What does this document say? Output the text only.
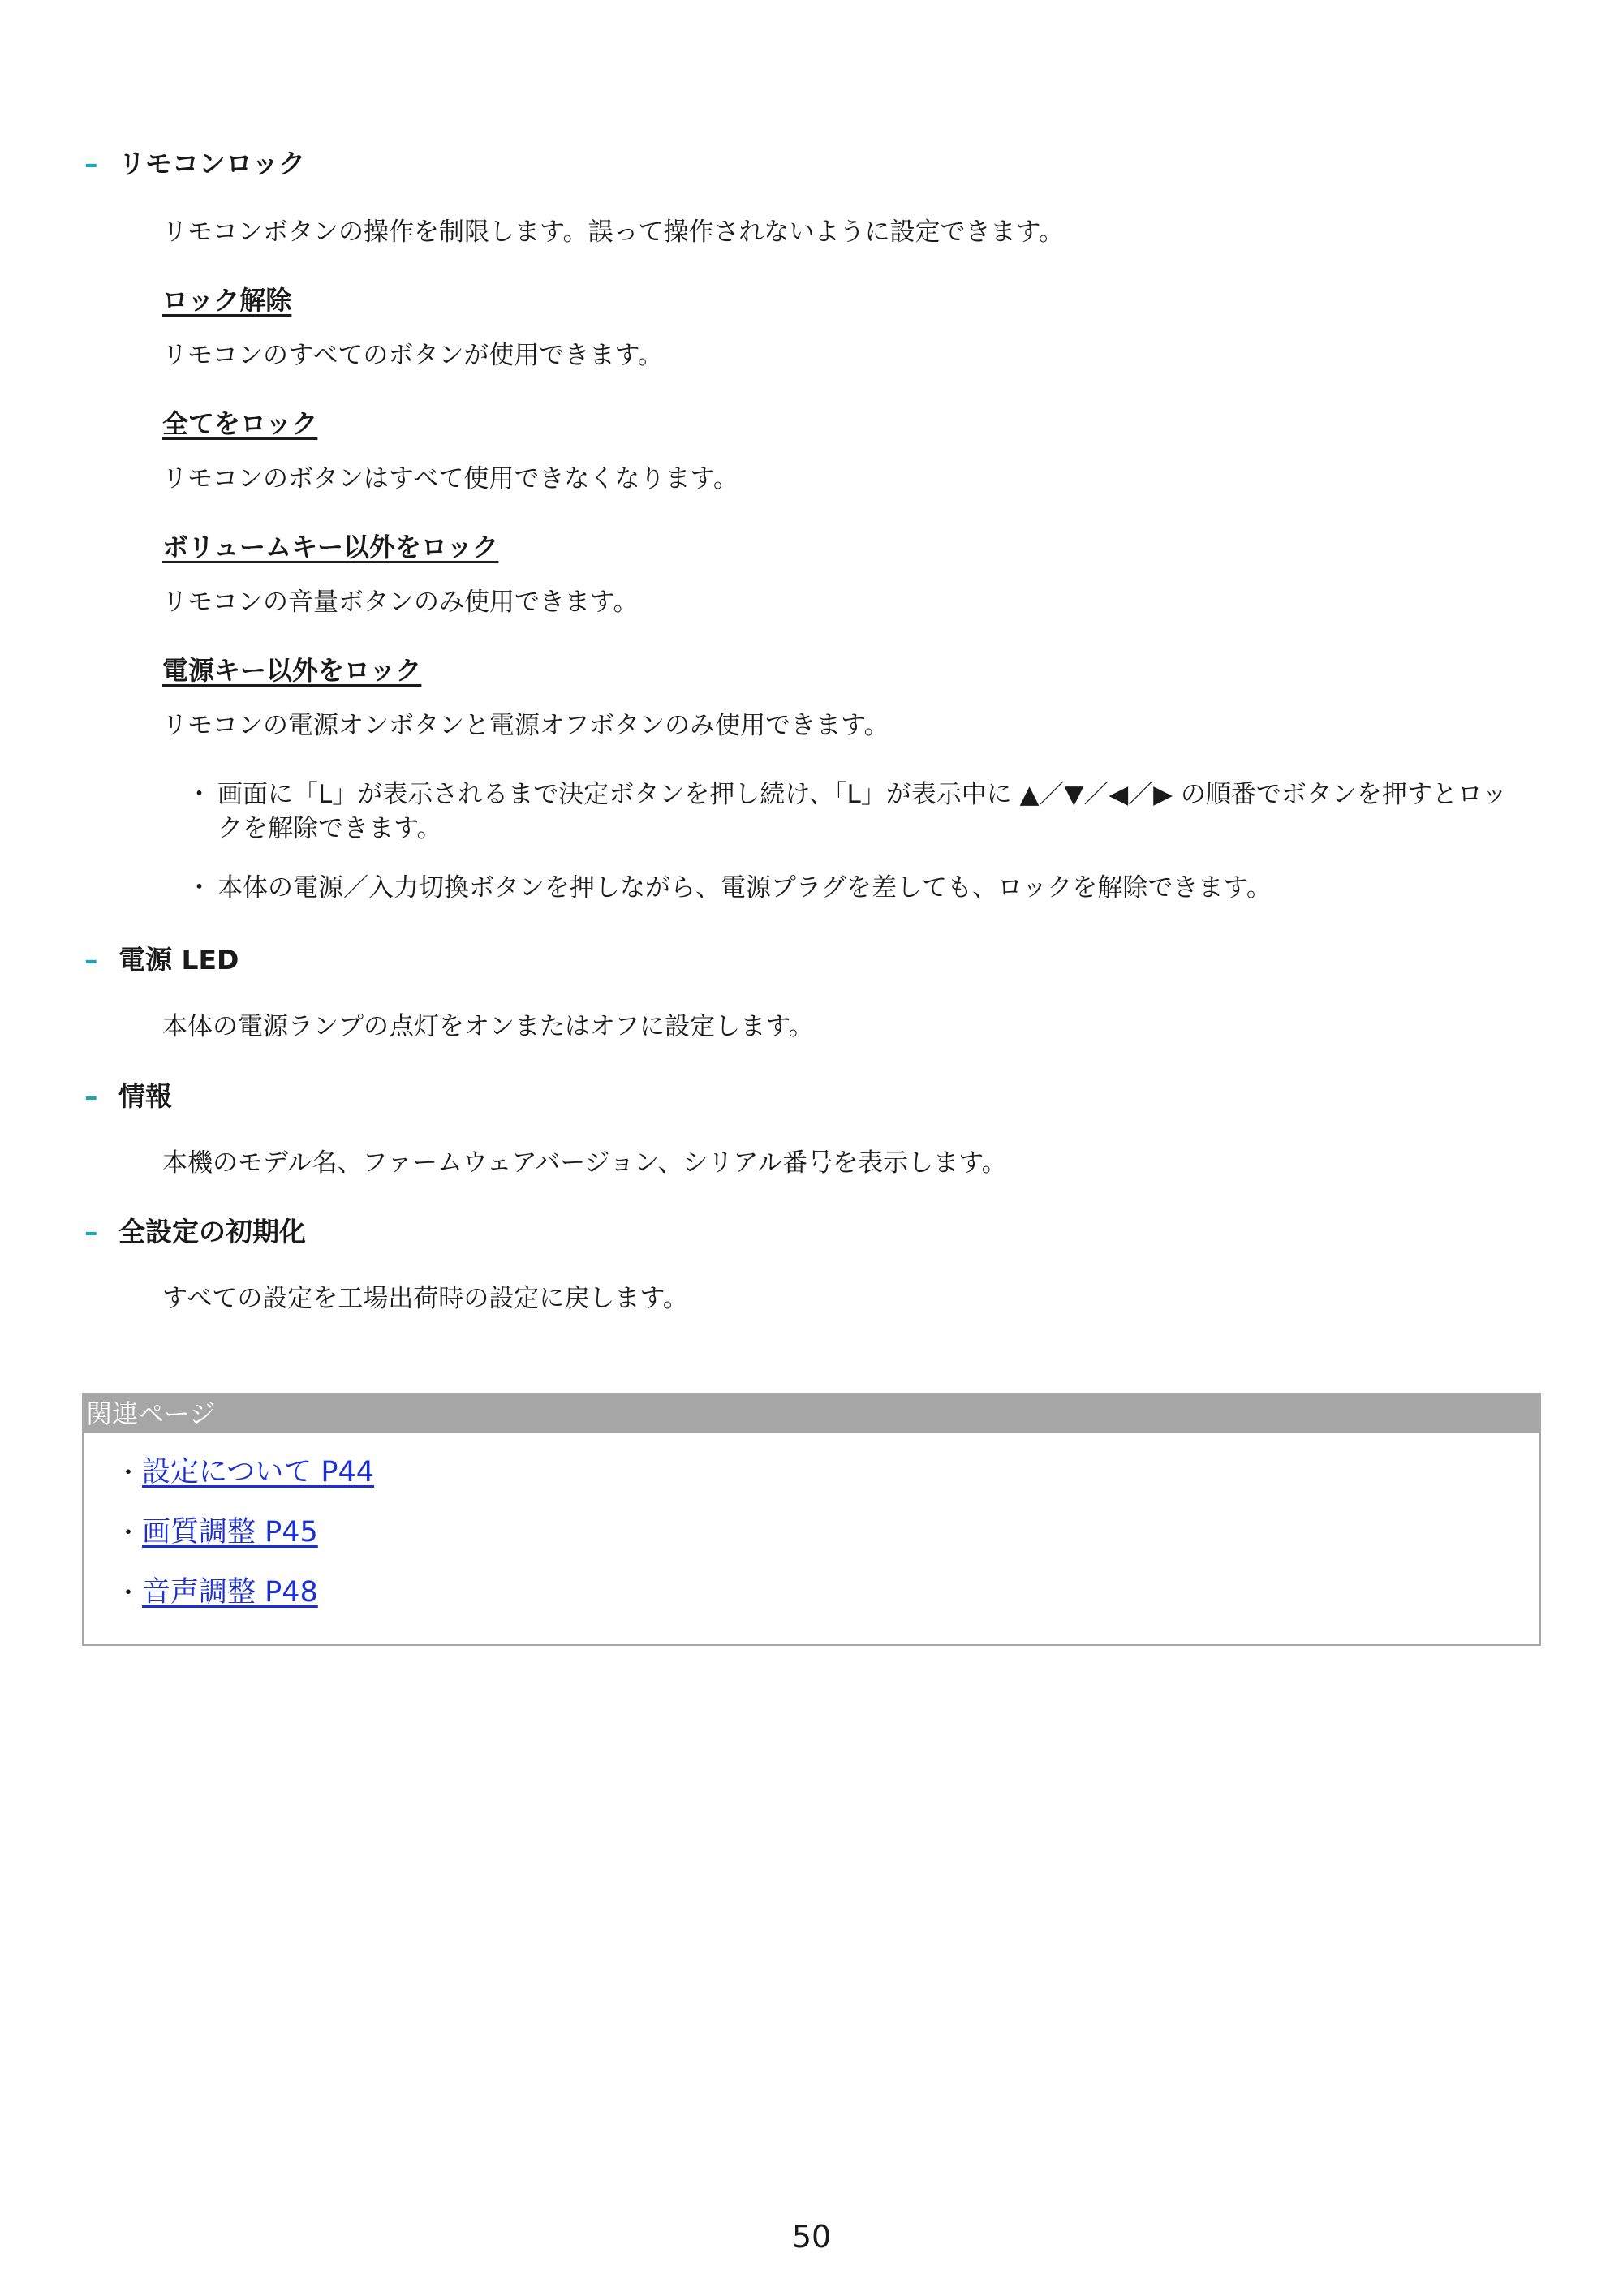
– リモコンロック
リモコンボタンの操作を制限します。誤って操作されないように設定できます。
ロック解除
リモコンのすべてのボタンが使用できます。
全てをロック
リモコンのボタンはすべて使用できなくなります。
ボリュームキー以外をロック
リモコンの音量ボタンのみ使用できます。
電源キー以外をロック
リモコンの電源オンボタンと電源オフボタンのみ使用できます。
・ 画面に「L」が表示されるまで決定ボタンを押し続け、「L」が表示中に ▲／▼／◀／▶ の順番でボタンを押すとロックを解除できます。
・ 本体の電源／入力切換ボタンを押しながら、電源プラグを差しても、ロックを解除できます。
– 電源 LED
本体の電源ランプの点灯をオンまたはオフに設定します。
– 情報
本機のモデル名、ファームウェアバージョン、シリアル番号を表示します。
– 全設定の初期化
すべての設定を工場出荷時の設定に戻します。
関連ページ
・設定について P44
・画質調整 P45
・音声調整 P48
50
